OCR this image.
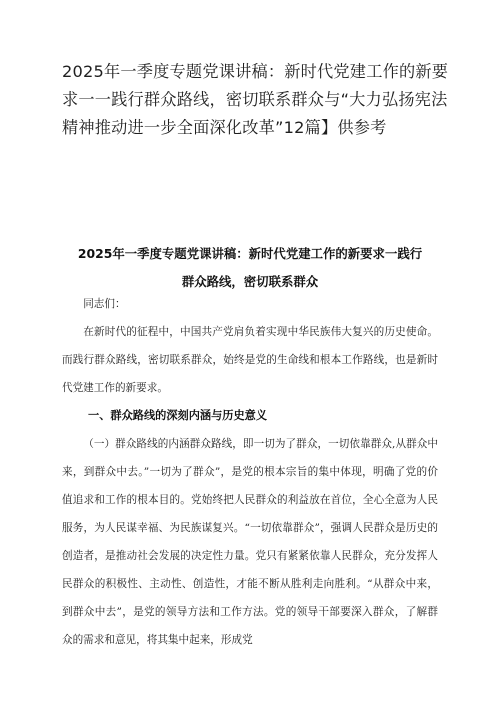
2025年一季度专题党课讲稿：新时代党建工作的新要求一一践行群众路线，密切联系群众与“大力弘扬宪法精神推动进一步全面深化改革”12篇】供参考
2025年一季度专题党课讲稿：新时代党建工作的新要求一践行群众路线，密切联系群众

同志们：

在新时代的征程中，中国共产党肩负着实现中华民族伟大复兴的历史使命。而践行群众路线，密切联系群众，始终是党的生命线和根本工作路线，也是新时代党建工作的新要求。

一、群众路线的深刻内涵与历史意义

（一）群众路线的内涵群众路线，即一切为了群众，一切依靠群众,从群众中来，到群众中去。”一切为了群众”，是党的根本宗旨的集中体现，明确了党的价值追求和工作的根本目的。党始终把人民群众的利益放在首位，全心全意为人民服务，为人民谋幸福、为民族谋复兴。“一切依靠群众”，强调人民群众是历史的创造者，是推动社会发展的决定性力量。党只有紧紧依靠人民群众，充分发挥人民群众的积极性、主动性、创造性，才能不断从胜利走向胜利。“从群众中来，到群众中去”，是党的领导方法和工作方法。党的领导干部要深入群众，了解群众的需求和意见，将其集中起来，形成党
